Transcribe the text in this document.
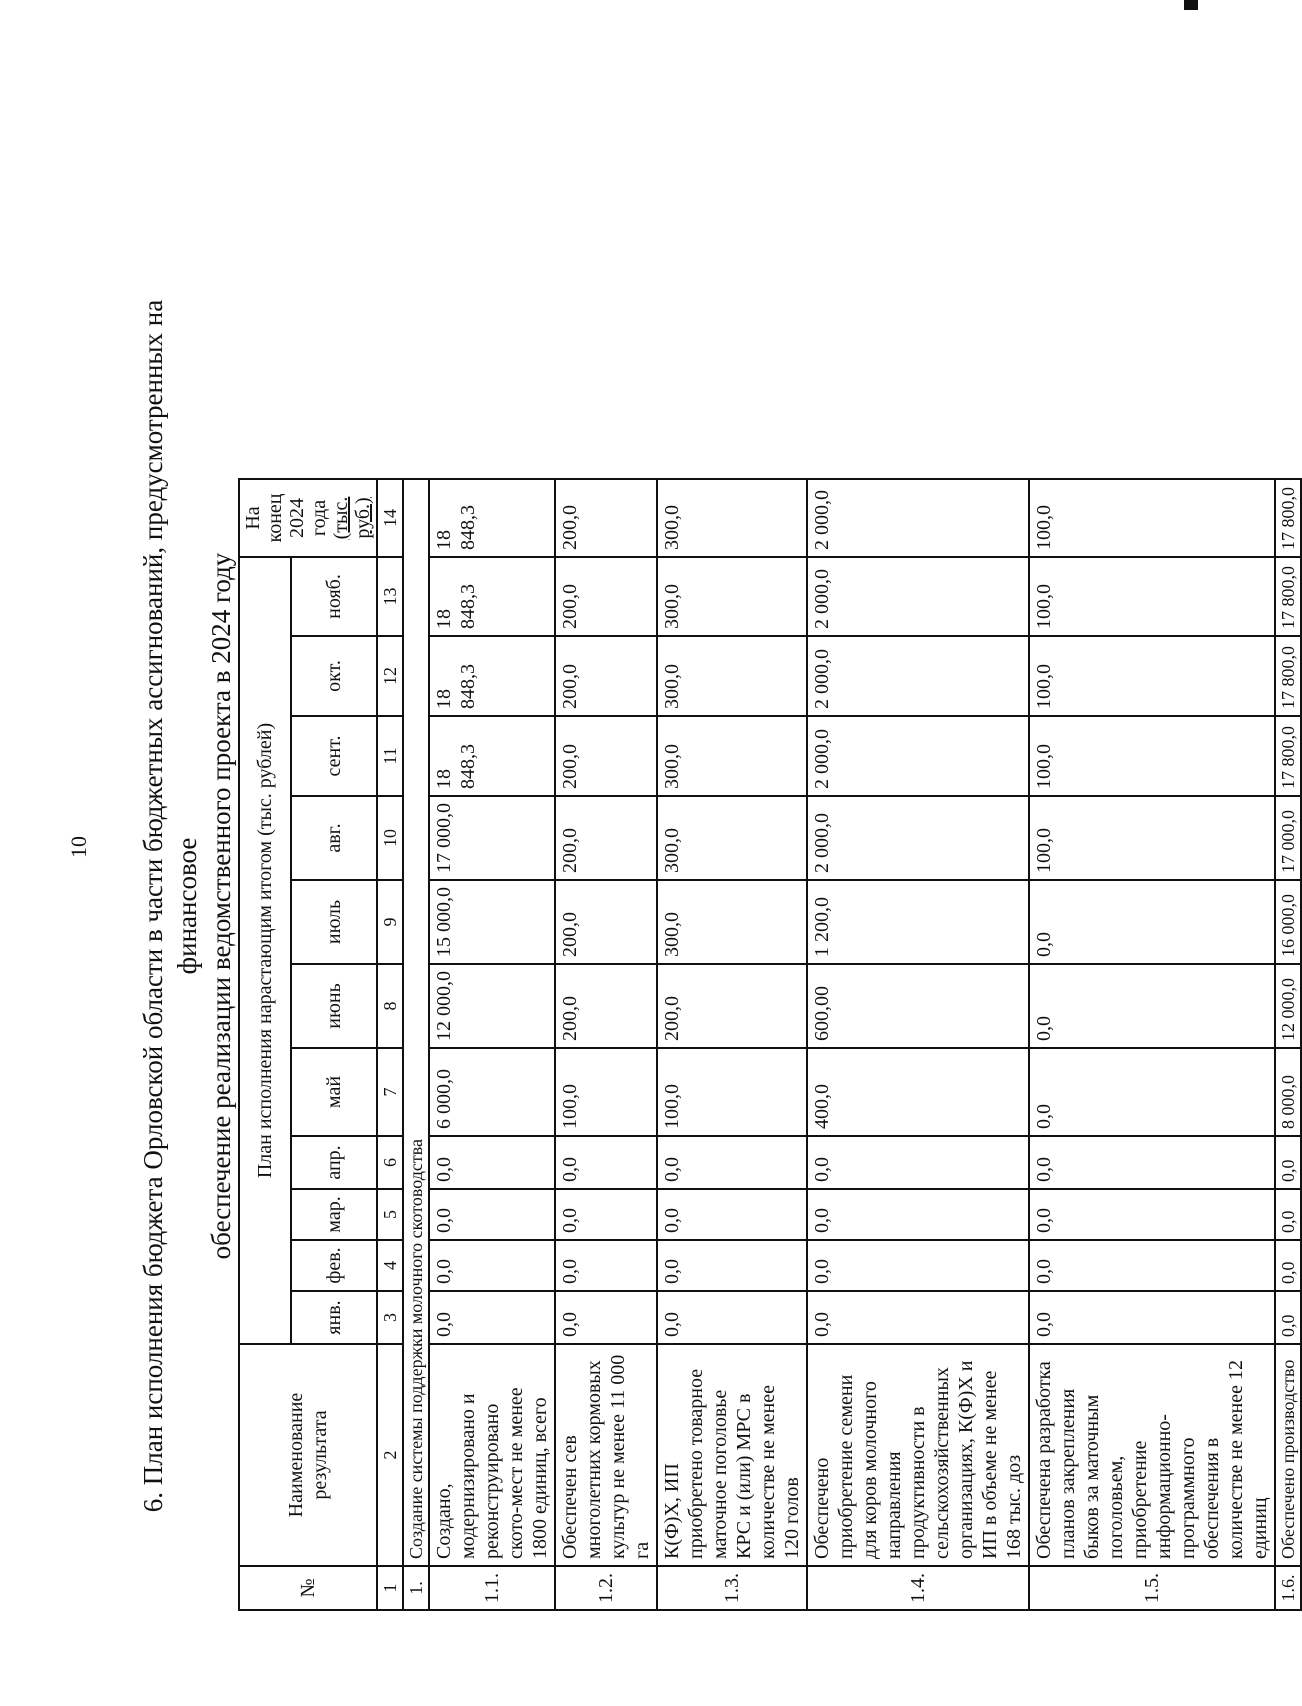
10 6. План исполнения бюджета Орловской области в части бюджетных ассигнований, предусмотренных на финансовое обеспечение реализации ведомственного проекта в 2024 году
№	Наименование результата	План исполнения нарастающим итогом (тыс. рублей)											На конец 2024 года (тыс. руб.)

		янв.	фев.	мар.	апр.	май	июнь	июль	авг.	сент.	окт.	нояб.	
1	2	3	4	5	6	7	8	9	10	11	12	13	14
1.	Создание системы поддержки молочного скотоводства												
1.1.	Создано, модернизировано и реконструировано ското-мест не менее 1800 единиц, всего	0,0	0,0	0,0	0,0	6 000,0	12 000,0	15 000,0	17 000,0	18 848,3	18 848,3	18 848,3	18 848,3
1.2.	Обеспечен сев многолетних кормовых культур не менее 11 000 га	0,0	0,0	0,0	0,0	100,0	200,0	200,0	200,0	200,0	200,0	200,0	200,0
1.3.	К(Ф)Х, ИП приобретено товарное маточное поголовье КРС и (или) МРС в количестве не менее 120 голов	0,0	0,0	0,0	0,0	100,0	200,0	300,0	300,0	300,0	300,0	300,0	300,0
1.4.	Обеспечено приобретение семени для коров молочного направления продуктивности в сельскохозяйственных организациях, К(Ф)Х и ИП в объеме не менее 168 тыс. доз	0,0	0,0	0,0	0,0	400,0	600,00	1 200,0	2 000,0	2 000,0	2 000,0	2 000,0	2 000,0
1.5.	Обеспечена разработка планов закрепления быков за маточным поголовьем, приобретение информационно-программного обеспечения в количестве не менее 12 единиц	0,0	0,0	0,0	0,0	0,0	0,0	0,0	100,0	100,0	100,0	100,0	100,0
1.6.	Обеспечено производство	0,0	0,0	0,0	0,0	8 000,0	12 000,0	16 000,0	17 000,0	17 800,0	17 800,0	17 800,0	17 800,0
